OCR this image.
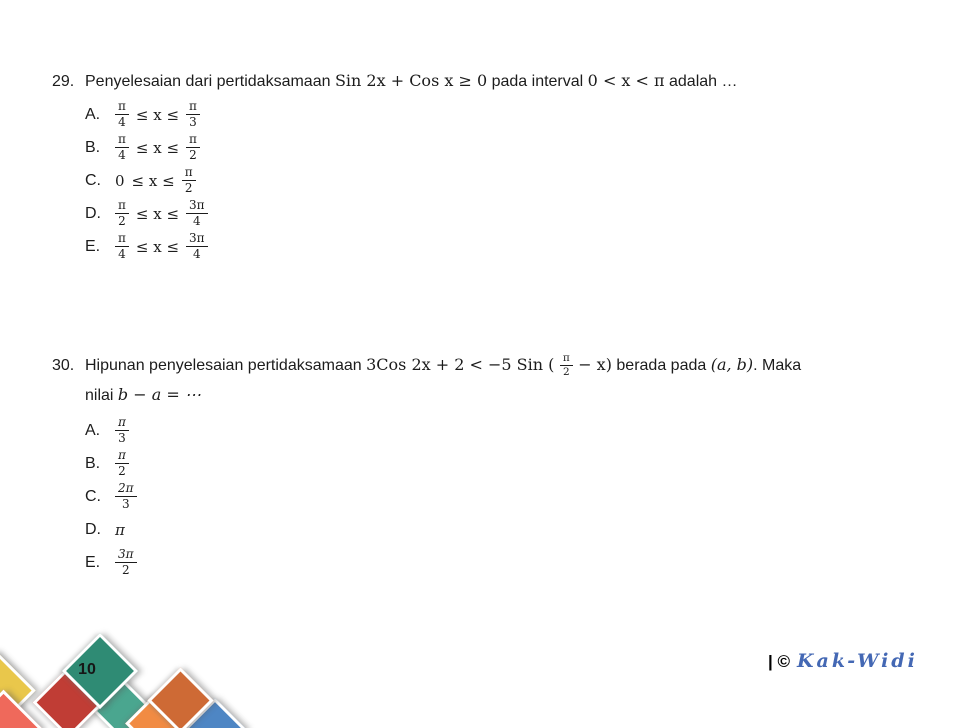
29. Penyelesaian dari pertidaksamaan Sin 2x + Cos x ≥ 0 pada interval 0 < x < π adalah …
A.	$\frac{\pi}{4} \le x \le \frac{\pi}{3}$
B.	$\frac{\pi}{4} \le x \le \frac{\pi}{2}$
C. $0 \le x \le \frac{\pi}{2}$
D.	$\frac{\pi}{2} \le x \le \frac{3\pi}{4}$
E.	$\frac{\pi}{4} \le x \le \frac{3\pi}{4}$
30. Hipunan penyelesaian pertidaksamaan 3Cos 2x + 2 < −5 Sin ( $\frac{\pi}{2} - x$) berada pada (a, b). Maka
nilai b − a = ⋯
A.	$\frac{\pi}{3}$
B.	$\frac{\pi}{2}$
C.	$\frac{2\pi}{3}$
D. π
E.	$\frac{3\pi}{2}$
10	| © Kak-Widi
